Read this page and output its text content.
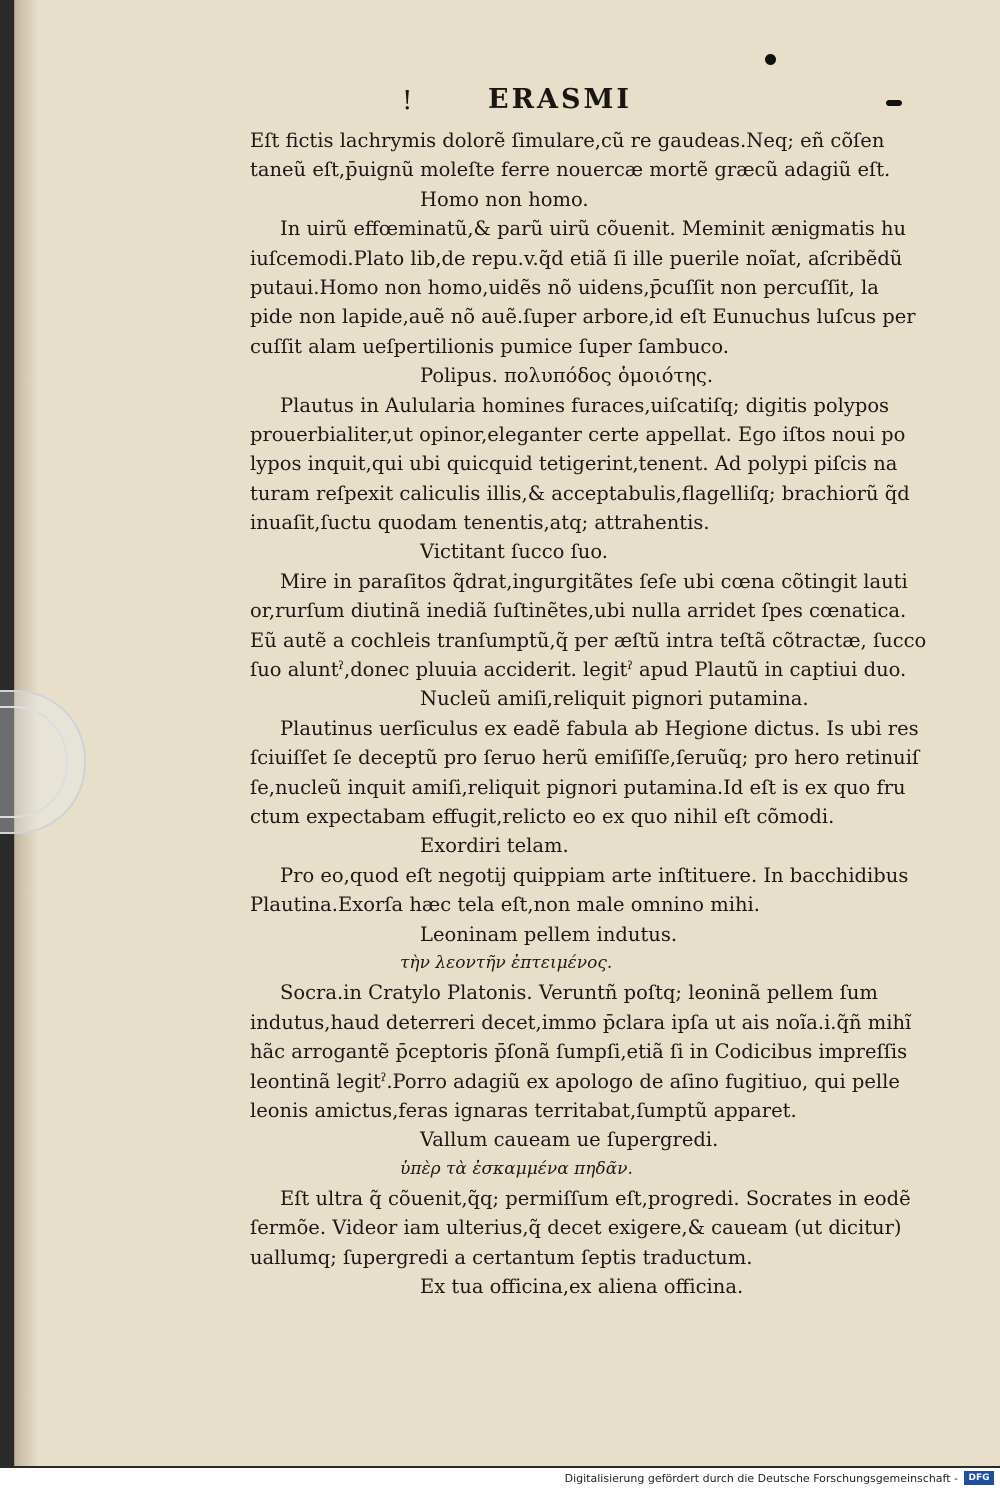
!	ERASMI
Eſt fictis lachrymis dolorẽ ſimulare,cũ re gaudeas.Neq; eñ cõſen
taneũ eſt,p̄uignũ moleſte ferre nouercæ mortẽ græcũ adagiũ eſt.
Homo non homo.
In uirũ effœminatũ,& parũ uirũ cõuenit. Meminit ænigmatis hu
iuſcemodi.Plato lib,de repu.v.q̃d etiã ſi ille puerile noĩat, aſcribẽdũ
putaui.Homo non homo,uidẽs nõ uidens,p̄cuſſit non percuſſit, la
pide non lapide,auẽ nõ auẽ.ſuper arbore,id eſt Eunuchus luſcus per
cuſſit alam ueſpertilionis pumice ſuper ſambuco.
Polipus. πολυπόδος ὁμοιότης.
Plautus in Aulularia homines furaces,uiſcatiſq; digitis polypos
prouerbialiter,ut opinor,eleganter certe appellat. Ego iſtos noui po
lypos inquit,qui ubi quicquid tetigerint,tenent. Ad polypi piſcis na
turam reſpexit caliculis illis,& acceptabulis,flagelliſq; brachiorũ q̃d
inuaſit,ſuctu quodam tenentis,atq; attrahentis.
Victitant ſucco ſuo.
Mire in paraſitos q̃drat,ingurgitãtes ſeſe ubi cœna cõtingit lauti
or,rurſum diutinã inediã ſuſtinẽtes,ubi nulla arridet ſpes cœnatica.
Eũ autẽ a cochleis tranſumptũ,q̃ per æſtũ intra teſtã cõtractæ, ſucco
ſuo aluntˀ,donec pluuia acciderit. legitˀ apud Plautũ in captiui duo.
Nucleũ amiſi,reliquit pignori putamina.
Plautinus uerſiculus ex eadẽ fabula ab Hegione dictus. Is ubi res
ſciuiſſet ſe deceptũ pro ſeruo herũ emiſiſſe,ſeruũq; pro hero retinuiſ
ſe,nucleũ inquit amiſi,reliquit pignori putamina.Id eſt is ex quo fru
ctum expectabam effugit,relicto eo ex quo nihil eſt cõmodi.
Exordiri telam.
Pro eo,quod eſt negotij quippiam arte inſtituere. In bacchidibus
Plautina.Exorſa hæc tela eſt,non male omnino mihi.
Leoninam pellem indutus.
τὴν λεοντῆν ἐπτειμένος.
Socra.in Cratylo Platonis. Veruntñ poſtq; leoninã pellem ſum
indutus,haud deterreri decet,immo p̄clara ipſa ut ais noĩa.i.q̃ñ mihĩ
hãc arrogantẽ p̄ceptoris p̄ſonã ſumpſi,etiã ſi in Codicibus impreſſis
leontinã legitˀ.Porro adagiũ ex apologo de aſino fugitiuo, qui pelle
leonis amictus,feras ignaras territabat,ſumptũ apparet.
Vallum caueam ue ſupergredi.
ὑπὲρ τὰ ἐσκαμμένα πηδᾶν.
Eſt ultra q̃ cõuenit,q̃q; permiſſum eſt,progredi. Socrates in eodẽ
ſermõe. Videor iam ulterius,q̃ decet exigere,& caueam (ut dicitur)
uallumq; ſupergredi a certantum ſeptis traductum.
Ex tua officina,ex aliena officina.
Digitalisierung gefördert durch die Deutsche Forschungsgemeinschaft -	DFG
